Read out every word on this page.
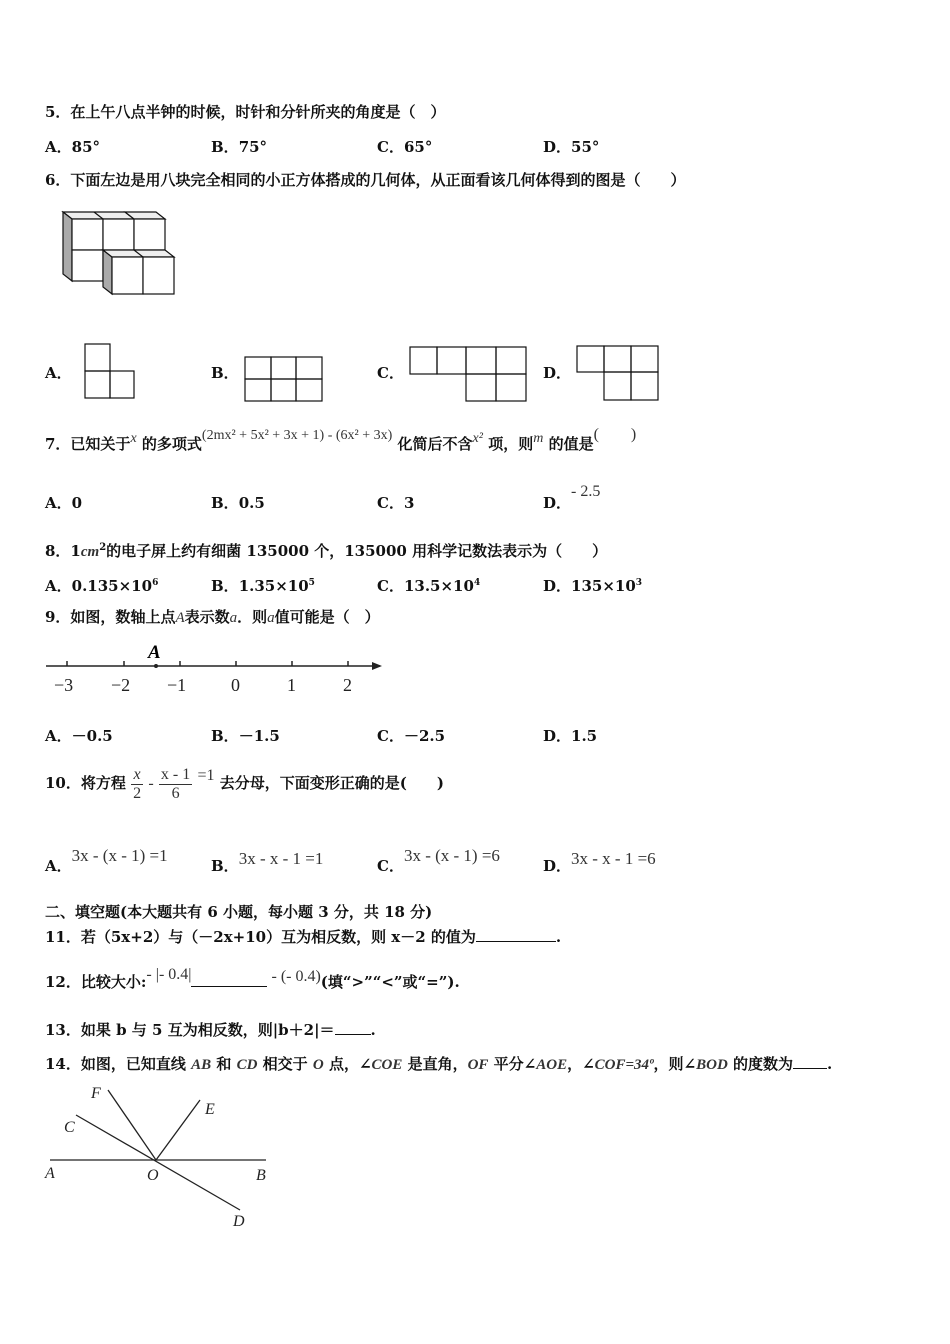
5．在上午八点半钟的时候，时针和分针所夹的角度是（　）
A．85°	B．75°	C．65°	D．55°
6．下面左边是用八块完全相同的小正方体搭成的几何体，从正面看该几何体得到的图是（　　）
A．	B．	C．	D．
7．已知关于x 的多项式(2mx² + 5x² + 3x + 1) - (6x² + 3x) 化简后不含x² 项，则m 的值是(　　)
A．0	B．0.5	C．3	D．- 2.5
8．$1cm^2$的电子屏上约有细菌 135000 个，135000 用科学记数法表示为（　　）
A．$0.135\times 10^6$	B．$1.35\times 10^5$	C．$13.5\times 10^4$	D．$135\times 10^3$
9．如图，数轴上点A表示数a．则a值可能是（　）
A
−3 −2 −1 0	1	2
A．－0.5	B．－1.5	C．－2.5	D．1.5
10．将方程 $\frac{x}{2} - \frac{x - 1}{6} =1$ 去分母，下面变形正确的是(　　)
A．3x - (x - 1) =1
B．3x - x - 1 =1	C．3x - (x - 1) =6
D．3x - x - 1 =6
二、填空题(本大题共有 6 小题，每小题 3 分，共 18 分)
11．若（5x+2）与（－2x+10）互为相反数，则 x－2 的值为	.
12．比较大小:- |- 0.4|	- (- 0.4)(填“>”“<”或“=”).
13．如果 b 与 5 互为相反数，则|b＋2|＝ .
14．如图，已知直线 AB 和 CD 相交于 O 点，∠COE 是直角，OF 平分∠AOE，∠COF=34º，则∠BOD 的度数为 .
F
E
C
A	O	B
D
